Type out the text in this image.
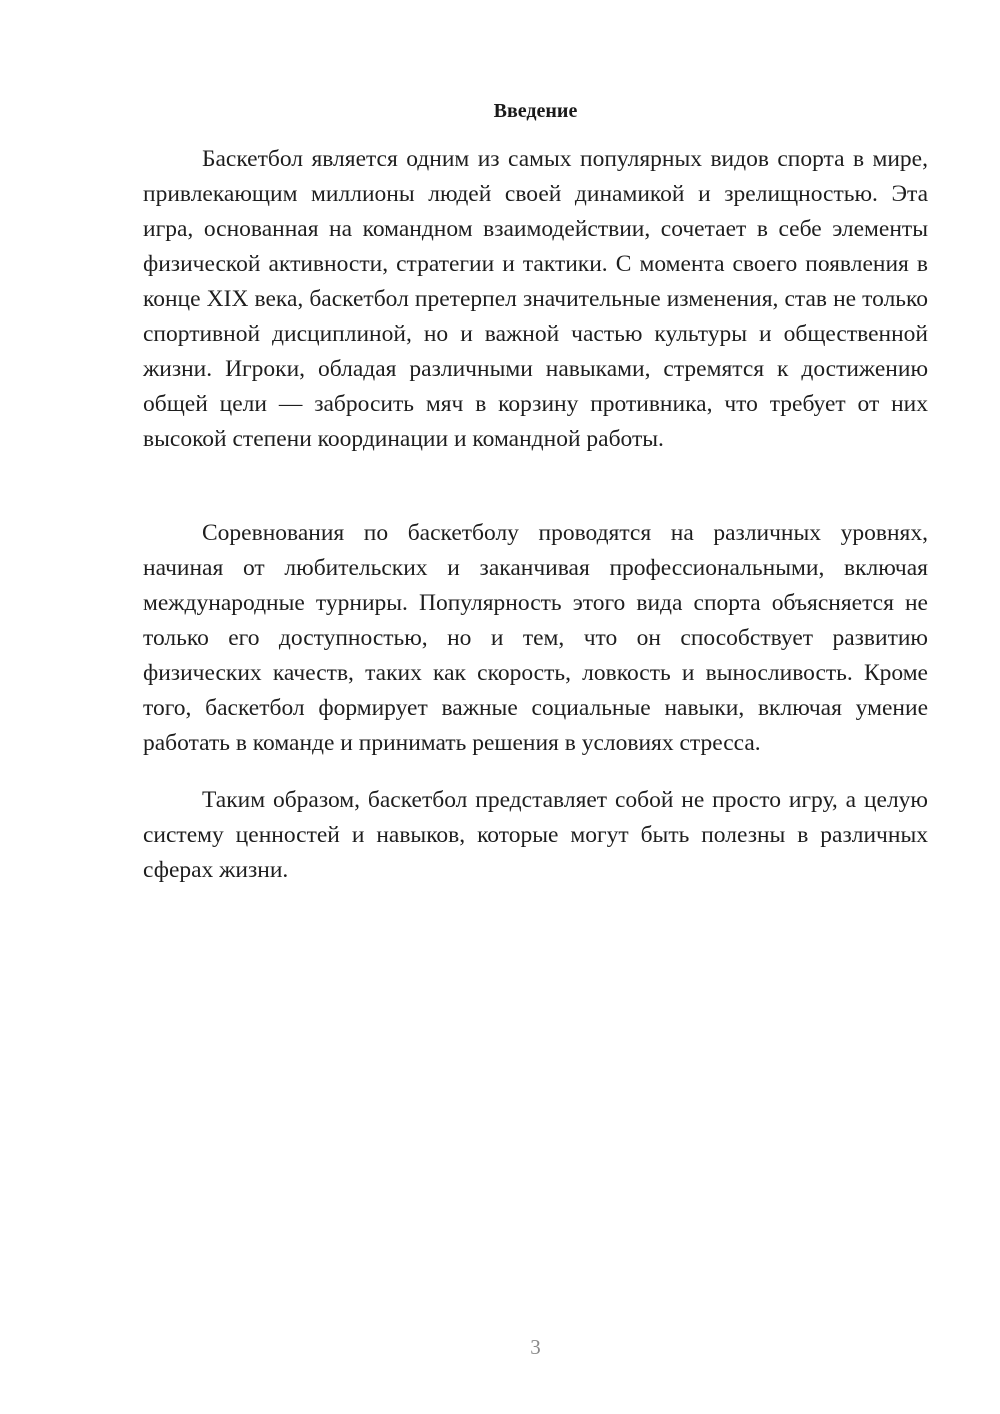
Введение

Баскетбол является одним из самых популярных видов спорта в мире, привлекающим миллионы людей своей динамикой и зрелищностью. Эта игра, основанная на командном взаимодействии, сочетает в себе элементы физической активности, стратегии и тактики. С момента своего появления в конце XIX века, баскетбол претерпел значительные изменения, став не только спортивной дисциплиной, но и важной частью культуры и общественной жизни. Игроки, обладая различными навыками, стремятся к достижению общей цели — забросить мяч в корзину противника, что требует от них высокой степени координации и командной работы.

Соревнования по баскетболу проводятся на различных уровнях, начиная от любительских и заканчивая профессиональными, включая международные турниры. Популярность этого вида спорта объясняется не только его доступностью, но и тем, что он способствует развитию физических качеств, таких как скорость, ловкость и выносливость. Кроме того, баскетбол формирует важные социальные навыки, включая умение работать в команде и принимать решения в условиях стресса.

Таким образом, баскетбол представляет собой не просто игру, а целую систему ценностей и навыков, которые могут быть полезны в различных сферах жизни.

3
